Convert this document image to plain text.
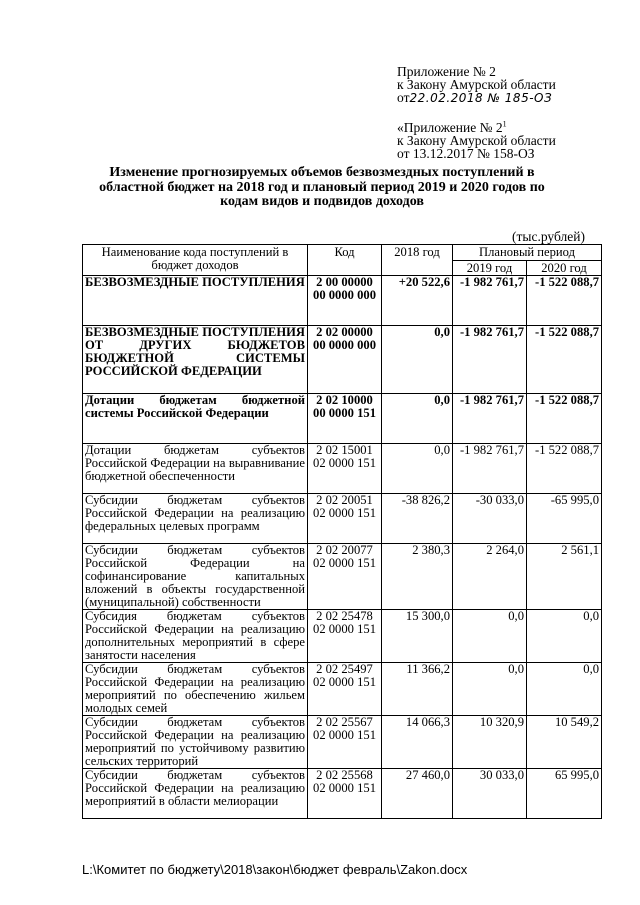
Приложение № 2
к Закону Амурской области
от22.02.2018 № 185-ОЗ
«Приложение № $2^1$
к Закону Амурской области
от 13.12.2017 № 158-ОЗ
Изменение прогнозируемых объемов безвозмездных поступлений в областной бюджет на 2018 год и плановый период 2019 и 2020 годов по кодам видов и подвидов доходов
(тыс.рублей)
Наименование кода поступлений в бюджет доходов	Код	2018 год	Плановый период	
			2019 год	2020 год
БЕЗВОЗМЕЗДНЫЕ ПОСТУПЛЕНИЯ	2 00 00000 00 0000 000	+20 522,6	-1 982 761,7	-1 522 088,7
БЕЗВОЗМЕЗДНЫЕ ПОСТУПЛЕНИЯ ОТ ДРУГИХ БЮДЖЕТОВ БЮДЖЕТНОЙ СИСТЕМЫ РОССИЙСКОЙ ФЕДЕРАЦИИ	2 02 00000 00 0000 000	0,0	-1 982 761,7	-1 522 088,7
Дотации бюджетам бюджетной системы Российской Федерации	2 02 10000 00 0000 151	0,0	-1 982 761,7	-1 522 088,7
Дотации бюджетам субъектов Российской Федерации на выравнивание бюджетной обеспеченности	2 02 15001 02 0000 151	0,0	-1 982 761,7	-1 522 088,7
Субсидии бюджетам субъектов Российской Федерации на реализацию федеральных целевых программ	2 02 20051 02 0000 151	-38 826,2	-30 033,0	-65 995,0
Субсидии бюджетам субъектов Российской Федерации на софинансирование капитальных вложений в объекты государственной (муниципальной) собственности	2 02 20077 02 0000 151	2 380,3	2 264,0	2 561,1
Субсидия бюджетам субъектов Российской Федерации на реализацию дополнительных мероприятий в сфере занятости населения	2 02 25478 02 0000 151	15 300,0	0,0	0,0
Субсидии бюджетам субъектов Российской Федерации на реализацию мероприятий по обеспечению жильем молодых семей	2 02 25497 02 0000 151	11 366,2	0,0	0,0
Субсидии бюджетам субъектов Российской Федерации на реализацию мероприятий по устойчивому развитию сельских территорий	2 02 25567 02 0000 151	14 066,3	10 320,9	10 549,2
Субсидии бюджетам субъектов Российской Федерации на реализацию мероприятий в области мелиорации	2 02 25568 02 0000 151	27 460,0	30 033,0	65 995,0
L:\Комитет по бюджету\2018\закон\бюджет февраль\Zakon.docx
